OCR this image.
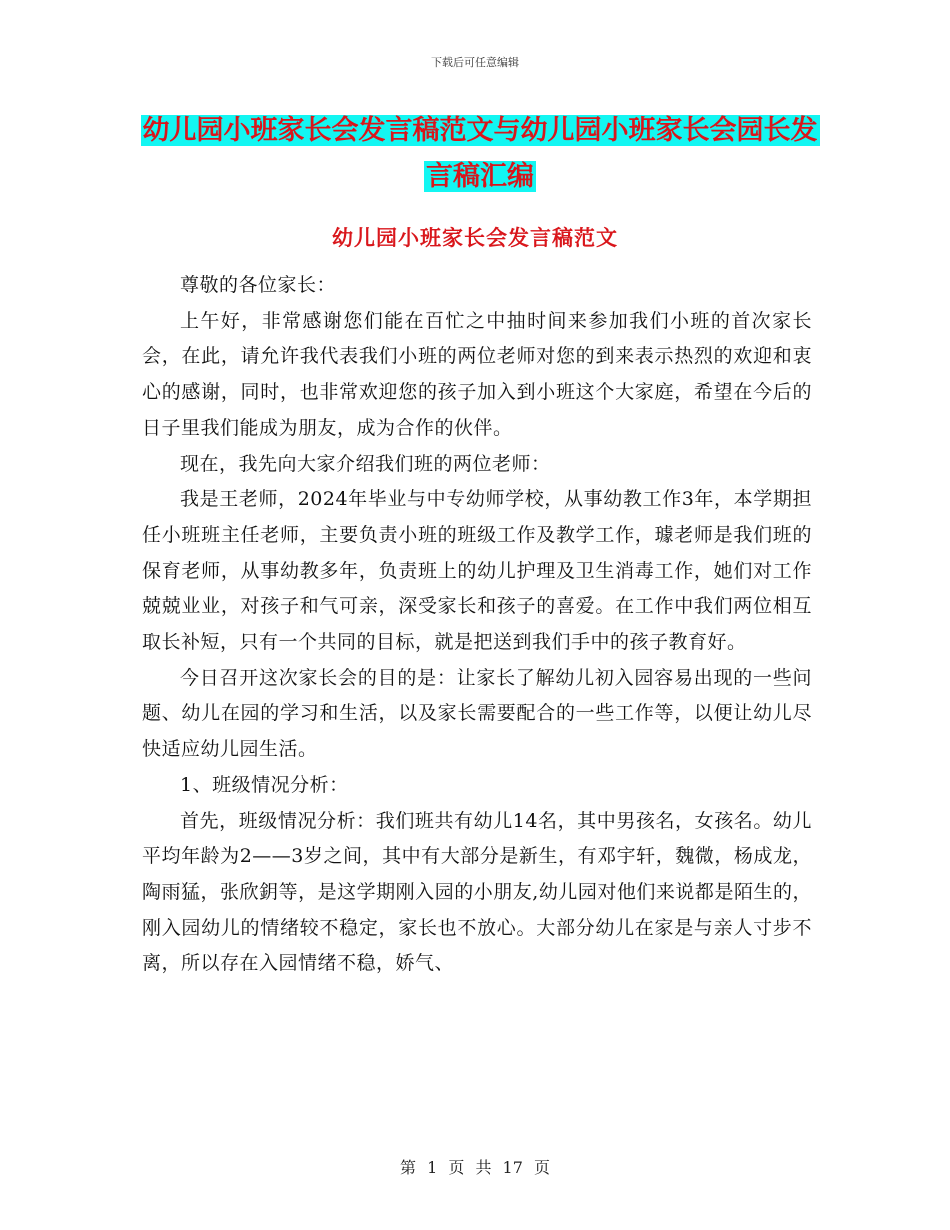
下载后可任意编辑
幼儿园小班家长会发言稿范文与幼儿园小班家长会园长发言稿汇编
幼儿园小班家长会发言稿范文

尊敬的各位家长：

上午好，非常感谢您们能在百忙之中抽时间来参加我们小班的首次家长会，在此，请允许我代表我们小班的两位老师对您的到来表示热烈的欢迎和衷心的感谢，同时，也非常欢迎您的孩子加入到小班这个大家庭，希望在今后的日子里我们能成为朋友，成为合作的伙伴。

现在，我先向大家介绍我们班的两位老师：

我是王老师，2024年毕业与中专幼师学校，从事幼教工作3年，本学期担任小班班主任老师，主要负责小班的班级工作及教学工作，璩老师是我们班的保育老师，从事幼教多年，负责班上的幼儿护理及卫生消毒工作，她们对工作兢兢业业，对孩子和气可亲，深受家长和孩子的喜爱。在工作中我们两位相互取长补短，只有一个共同的目标，就是把送到我们手中的孩子教育好。

今日召开这次家长会的目的是：让家长了解幼儿初入园容易出现的一些问题、幼儿在园的学习和生活，以及家长需要配合的一些工作等，以便让幼儿尽快适应幼儿园生活。

1、班级情况分析：

首先，班级情况分析：我们班共有幼儿14名，其中男孩名，女孩名。幼儿平均年龄为2——3岁之间，其中有大部分是新生，有邓宇轩，魏微，杨成龙，陶雨猛，张欣鈅等，是这学期刚入园的小朋友,幼儿园对他们来说都是陌生的，刚入园幼儿的情绪较不稳定，家长也不放心。大部分幼儿在家是与亲人寸步不离，所以存在入园情绪不稳，娇气、

第 1 页 共 17 页
